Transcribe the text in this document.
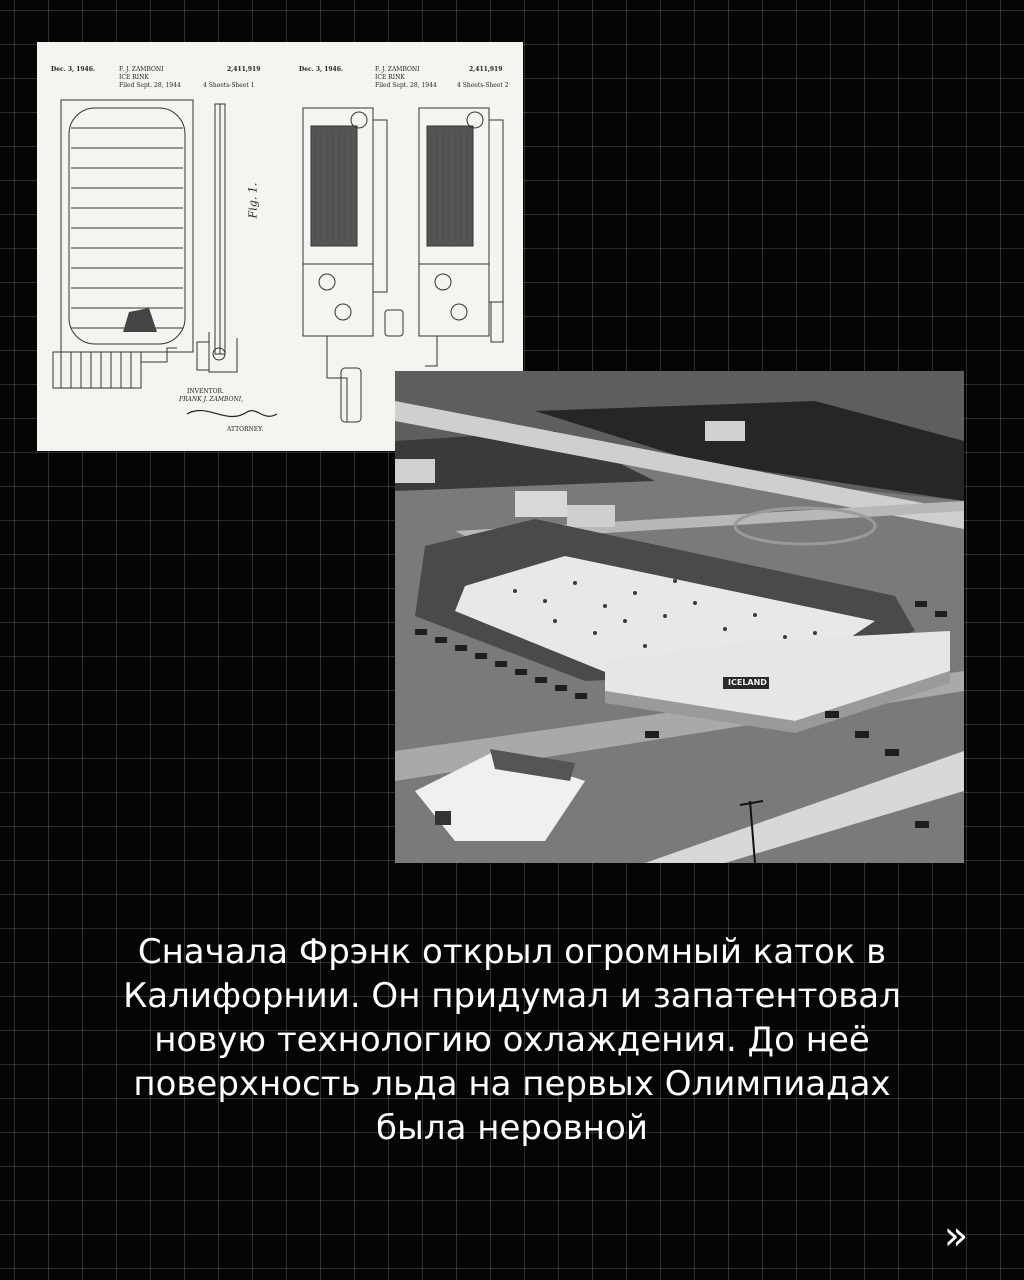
Dec. 3, 1946.	F. J. ZAMBONI
ICE RINK
Filed Sept. 28, 1944
2,411,919
4 Sheets-Sheet 1
Dec. 3, 1946.	F. J. ZAMBONI
ICE RINK
Filed Sept. 28, 1944
2,411,919
4 Sheets-Sheet 2
Fig. 1.
INVENTOR.
FRANK J. ZAMBONI,
ATTORNEY.
ICELAND
Сначала Фрэнк открыл огромный каток в
Калифорнии. Он придумал и запатентовал
новую технологию охлаждения. До неё
поверхность льда на первых Олимпиадах
была неровной
»
